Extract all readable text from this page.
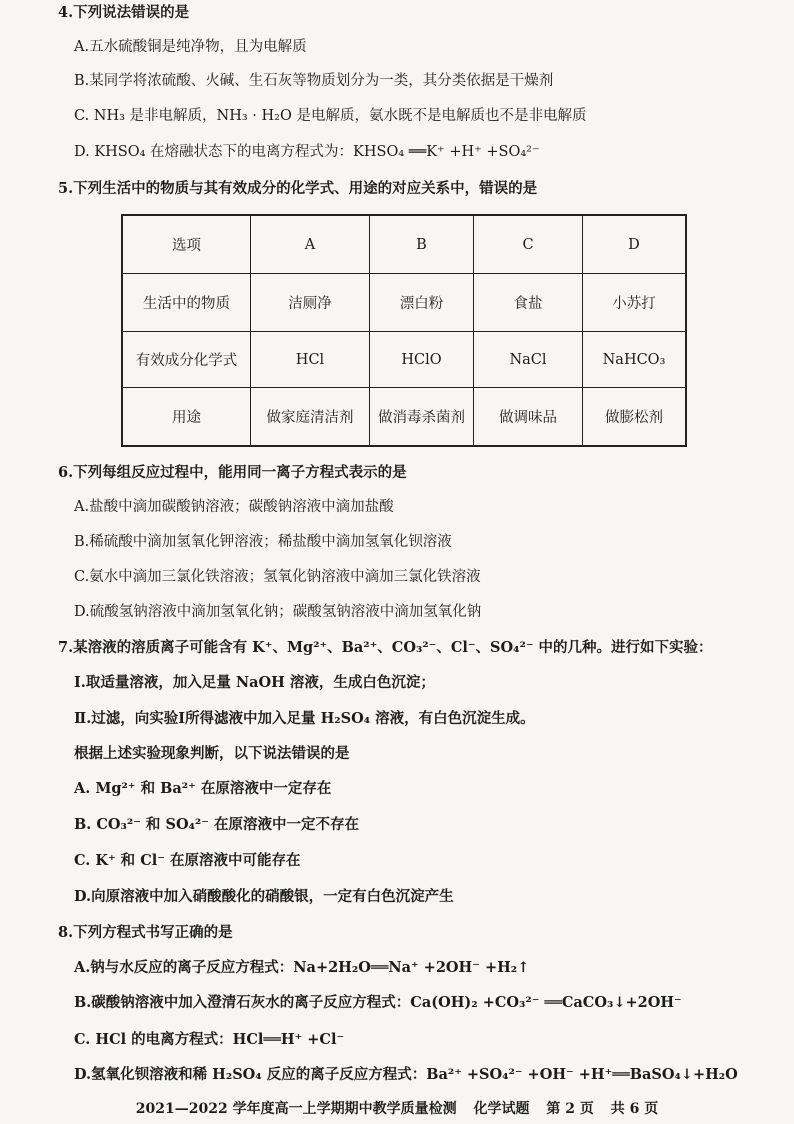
4.下列说法错误的是
A.五水硫酸铜是纯净物，且为电解质
B.某同学将浓硫酸、火碱、生石灰等物质划分为一类，其分类依据是干燥剂
C. NH₃ 是非电解质，NH₃ · H₂O 是电解质，氨水既不是电解质也不是非电解质
D. KHSO₄ 在熔融状态下的电离方程式为：KHSO₄ ══K⁺ +H⁺ +SO₄²⁻
5.下列生活中的物质与其有效成分的化学式、用途的对应关系中，错误的是
选项	A	B	C	D
生活中的物质	洁厕净	漂白粉	食盐	小苏打
有效成分化学式	HCl	HClO	NaCl	NaHCO₃
用途	做家庭清洁剂	做消毒杀菌剂	做调味品	做膨松剂
6.下列每组反应过程中，能用同一离子方程式表示的是
A.盐酸中滴加碳酸钠溶液；碳酸钠溶液中滴加盐酸
B.稀硫酸中滴加氢氧化钾溶液；稀盐酸中滴加氢氧化钡溶液
C.氨水中滴加三氯化铁溶液；氢氧化钠溶液中滴加三氯化铁溶液
D.硫酸氢钠溶液中滴加氢氧化钠；碳酸氢钠溶液中滴加氢氧化钠
7.某溶液的溶质离子可能含有 K⁺、Mg²⁺、Ba²⁺、CO₃²⁻、Cl⁻、SO₄²⁻ 中的几种。进行如下实验：
Ⅰ.取适量溶液，加入足量 NaOH 溶液，生成白色沉淀；
Ⅱ.过滤，向实验Ⅰ所得滤液中加入足量 H₂SO₄ 溶液，有白色沉淀生成。
根据上述实验现象判断，以下说法错误的是
A. Mg²⁺ 和 Ba²⁺ 在原溶液中一定存在
B. CO₃²⁻ 和 SO₄²⁻ 在原溶液中一定不存在
C. K⁺ 和 Cl⁻ 在原溶液中可能存在
D.向原溶液中加入硝酸酸化的硝酸银，一定有白色沉淀产生
8.下列方程式书写正确的是
A.钠与水反应的离子反应方程式：Na+2H₂O══Na⁺ +2OH⁻ +H₂↑
B.碳酸钠溶液中加入澄清石灰水的离子反应方程式：Ca(OH)₂ +CO₃²⁻ ══CaCO₃↓+2OH⁻
C. HCl 的电离方程式：HCl══H⁺ +Cl⁻
D.氢氧化钡溶液和稀 H₂SO₄ 反应的离子反应方程式：Ba²⁺ +SO₄²⁻ +OH⁻ +H⁺══BaSO₄↓+H₂O
2021—2022 学年度高一上学期期中教学质量检测 化学试题 第 2 页 共 6 页
